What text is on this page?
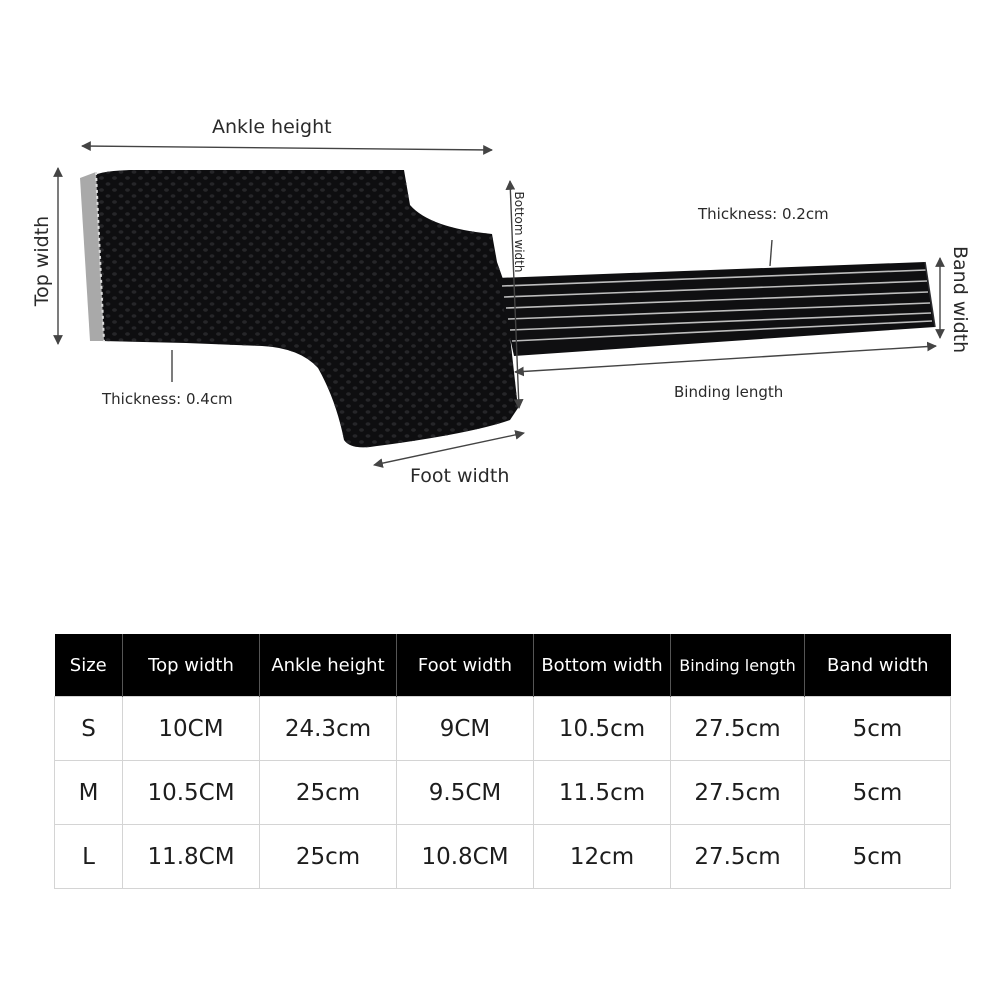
Ankle height
Top width	Bottom width	Thickness: 0.2cm
Band width
Thickness: 0.4cm	Binding length
Foot width
Size	Top width	Ankle height	Foot width	Bottom width	Binding length	Band width
S	10CM	24.3cm	9CM	10.5cm	27.5cm	5cm
M	10.5CM	25cm	9.5CM	11.5cm	27.5cm	5cm
L	11.8CM	25cm	10.8CM	12cm	27.5cm	5cm
